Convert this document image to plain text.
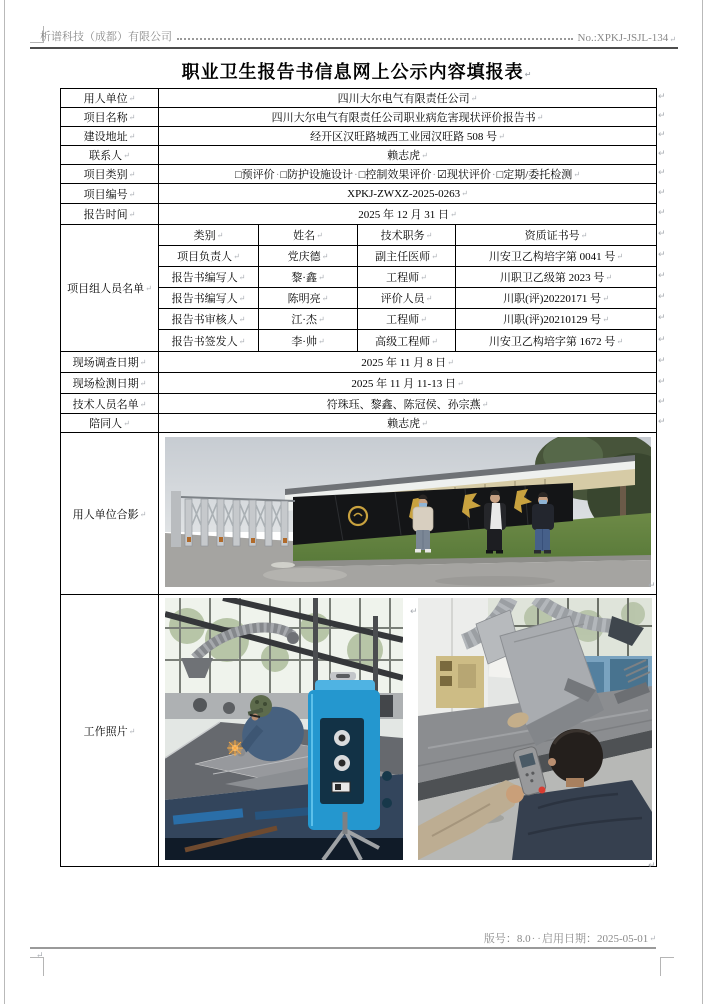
析谱科技（成都）有限公司	No.:XPKJ-JSJL-134 ↵
职业卫生报告书信息网上公示内容填报表↵
用人单位↵	四川大尔电气有限责任公司↵			
项目名称↵	四川大尔电气有限责任公司职业病危害现状评价报告书↵			
建设地址↵	经开区汉旺路城西工业园汉旺路 508 号↵			
联系人↵	赖志虎↵			
项目类别↵	□预评价·□防护设施设计·□控制效果评价·☑现状评价·□定期/委托检测↵			
项目编号↵	XPKJ-ZWXZ-2025-0263↵			
报告时间↵	2025 年 12 月 31 日↵			
项目组人员名单↵	类别↵	姓名↵	技术职务↵	资质证书号↵
	项目负责人↵	党庆德↵	副主任医师↵	川安卫乙构培字第 0041 号↵
	报告书编写人↵	黎·鑫↵	工程师↵	川职卫乙级第 2023 号↵
	报告书编写人↵	陈明亮↵	评价人员↵	川职(评)20220171 号↵
	报告书审核人↵	江·杰↵	工程师↵	川职(评)20210129 号↵
	报告书签发人↵	李·帅↵	高级工程师↵	川安卫乙构培字第 1672 号↵
现场调查日期↵	2025 年 11 月 8 日↵			
现场检测日期↵	2025 年 11 月 11-13 日↵			
技术人员名单↵	符珠珏、黎鑫、陈冠侯、孙宗燕↵			
陪同人↵	赖志虎↵			
用人单位合影↵	
工作照片↵	
↵
↵
↵
↵
↵
↵
↵
↵
↵
↵
↵
↵
↵
↵
↵
↵
↵
↵
↵
↵
版号：8.0· ·启用日期：2025-05-01↵
↵
